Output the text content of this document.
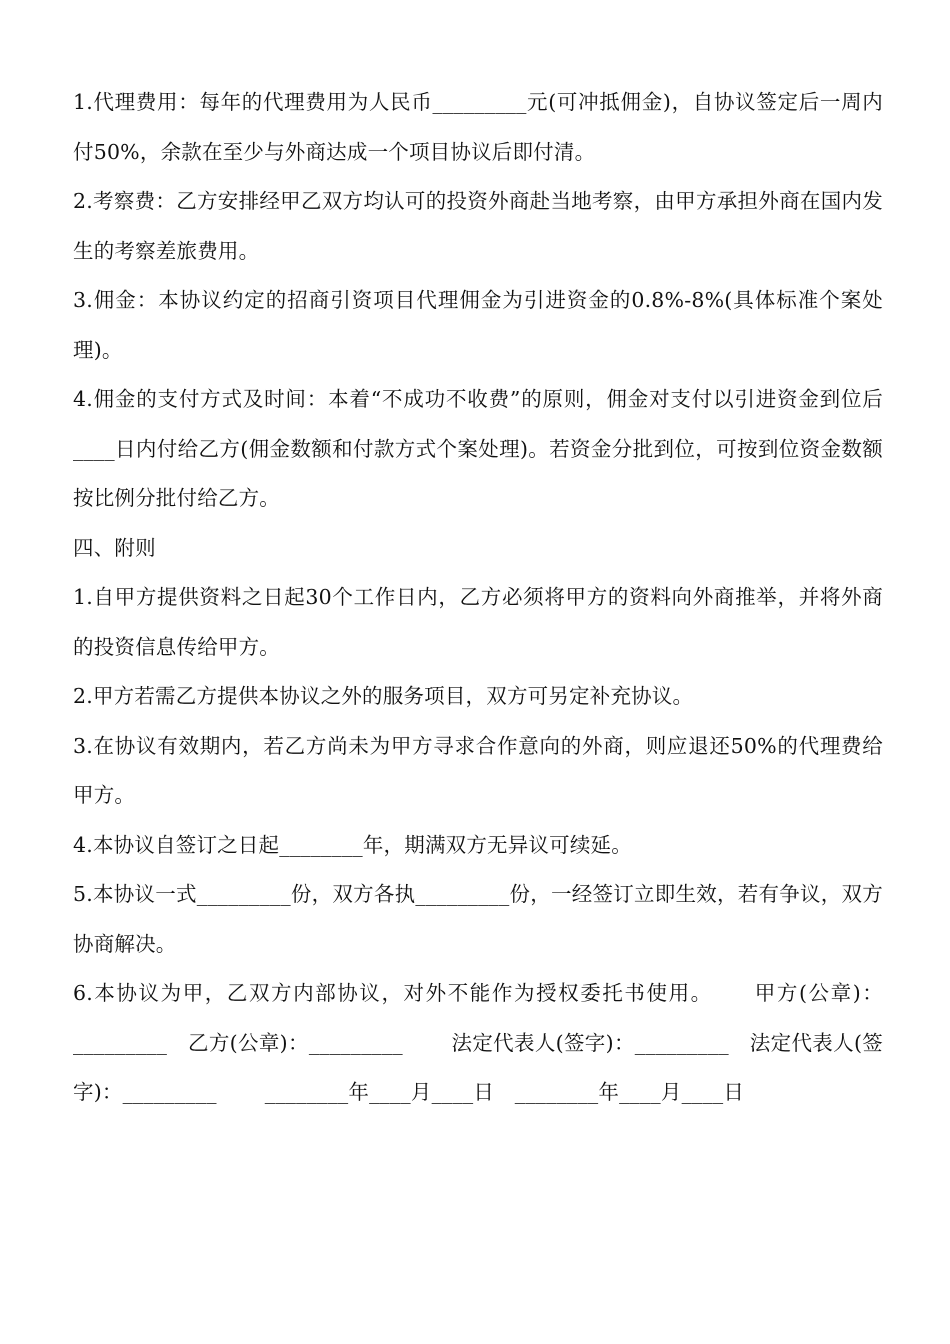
1.代理费用：每年的代理费用为人民币_________元(可冲抵佣金)，自协议签定后一周内付50%，余款在至少与外商达成一个项目协议后即付清。

2.考察费：乙方安排经甲乙双方均认可的投资外商赴当地考察，由甲方承担外商在国内发生的考察差旅费用。

3.佣金：本协议约定的招商引资项目代理佣金为引进资金的0.8%-8%(具体标准个案处理)。

4.佣金的支付方式及时间：本着“不成功不收费”的原则，佣金对支付以引进资金到位后____日内付给乙方(佣金数额和付款方式个案处理)。若资金分批到位，可按到位资金数额按比例分批付给乙方。

四、附则

1.自甲方提供资料之日起30个工作日内，乙方必须将甲方的资料向外商推举，并将外商的投资信息传给甲方。

2.甲方若需乙方提供本协议之外的服务项目，双方可另定补充协议。

3.在协议有效期内，若乙方尚未为甲方寻求合作意向的外商，则应退还50%的代理费给甲方。

4.本协议自签订之日起________年，期满双方无异议可续延。

5.本协议一式_________份，双方各执_________份，一经签订立即生效，若有争议，双方协商解决。

6.本协议为甲，乙双方内部协议，对外不能作为授权委托书使用。　　 甲方(公章)：_________　乙方(公章)：_________　　 法定代表人(签字)：_________　法定代表人(签字)：_________　　 ________年____月____日　________年____月____日
